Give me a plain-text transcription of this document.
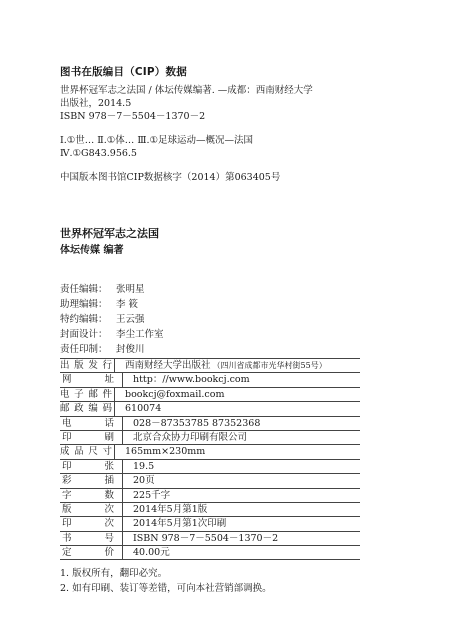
图书在版编目（CIP）数据
世界杯冠军志之法国 / 体坛传媒编著. —成都：西南财经大学
出版社，2014.5
ISBN 978－7－5504－1370－2
Ⅰ.①世… Ⅱ.①体… Ⅲ.①足球运动—概况—法国
Ⅳ.①G843.956.5
中国版本图书馆CIP数据核字（2014）第063405号
世界杯冠军志之法国
体坛传媒 编著
责任编辑： 张明星
助理编辑： 李 筱
特约编辑： 王云强
封面设计： 李尘工作室
责任印制： 封俊川
出 版 发 行 西南财经大学出版社 （四川省成都市光华村街55号）
网	址 http：//www.bookcj.com
电 子 邮 件 bookcj@foxmail.com
邮 政 编 码 610074
电	话 028－87353785 87352368
印	刷 北京合众协力印刷有限公司
成 品 尺 寸 165mm×230mm
印	张 19.5
彩	插 20页
字	数 225千字
版	次 2014年5月第1版
印	次 2014年5月第1次印刷
书	号 ISBN 978－7－5504－1370－2
定	价 40.00元
1. 版权所有，翻印必究。
2. 如有印刷、装订等差错，可向本社营销部调换。
